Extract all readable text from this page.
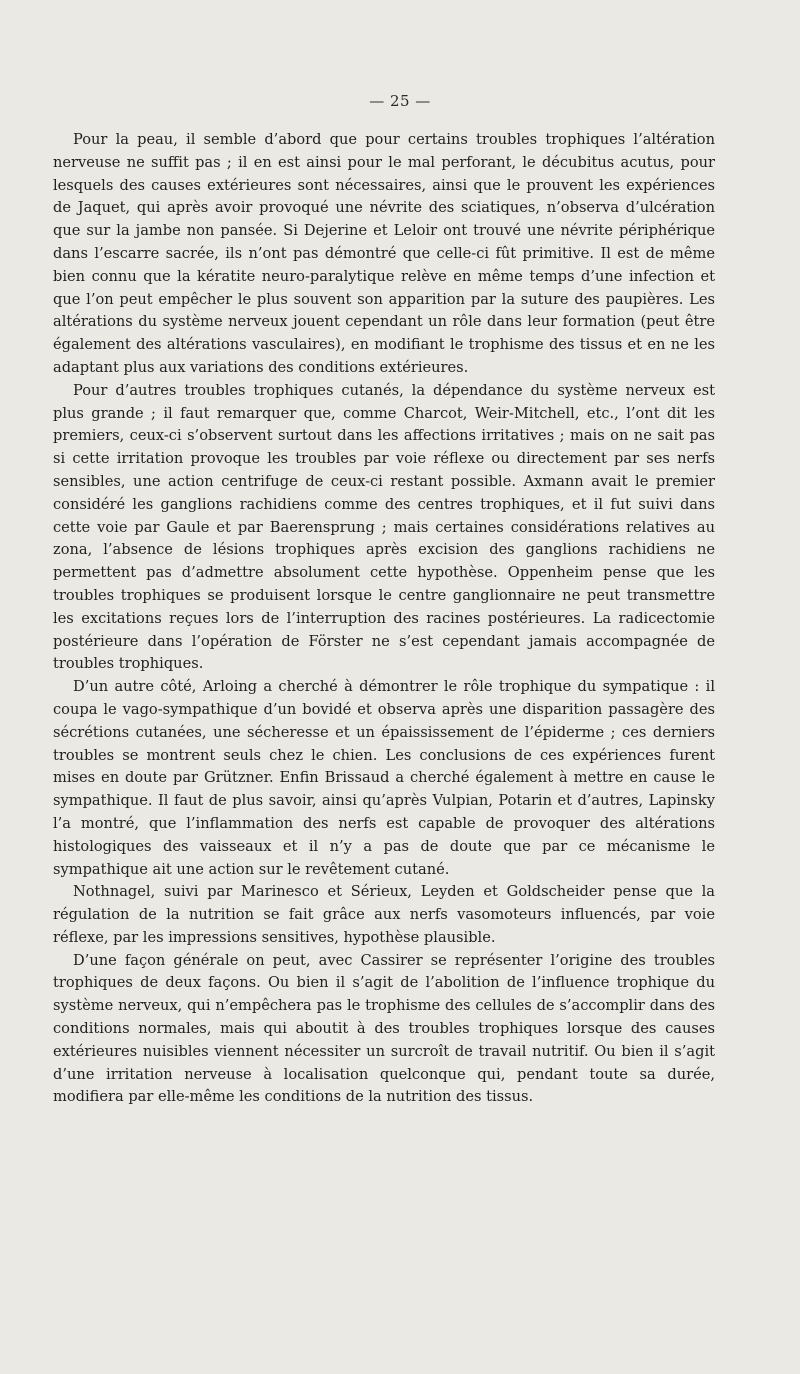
— 25 —

Pour la peau, il semble d’abord que pour certains troubles trophiques l’altération nerveuse ne suffit pas ; il en est ainsi pour le mal perforant, le décubitus acutus, pour lesquels des causes extérieures sont nécessaires, ainsi que le prouvent les expériences de Jaquet, qui après avoir provoqué une névrite des sciatiques, n’observa d’ulcération que sur la jambe non pansée. Si Dejerine et Leloir ont trouvé une névrite périphérique dans l’escarre sacrée, ils n’ont pas démontré que celle-ci fût primitive. Il est de même bien connu que la kératite neuro-paralytique relève en même temps d’une infection et que l’on peut empêcher le plus souvent son apparition par la suture des paupières. Les altérations du système nerveux jouent cependant un rôle dans leur formation (peut être également des altérations vasculaires), en modifiant le trophisme des tissus et en ne les adaptant plus aux variations des conditions extérieures.

Pour d’autres troubles trophiques cutanés, la dépendance du système nerveux est plus grande ; il faut remarquer que, comme Charcot, Weir-Mitchell, etc., l’ont dit les premiers, ceux-ci s’observent surtout dans les affections irritatives ; mais on ne sait pas si cette irritation provoque les troubles par voie réflexe ou directement par ses nerfs sensibles, une action centrifuge de ceux-ci restant possible. Axmann avait le premier considéré les ganglions rachidiens comme des centres trophiques, et il fut suivi dans cette voie par Gaule et par Baerensprung ; mais certaines considérations relatives au zona, l’absence de lésions trophiques après excision des ganglions rachidiens ne permettent pas d’admettre absolument cette hypothèse. Oppenheim pense que les troubles trophiques se produisent lorsque le centre ganglionnaire ne peut transmettre les excitations reçues lors de l’interruption des racines postérieures. La radicectomie postérieure dans l’opération de Förster ne s’est cependant jamais accompagnée de troubles trophiques.

D’un autre côté, Arloing a cherché à démontrer le rôle trophique du sympatique : il coupa le vago-sympathique d’un bovidé et observa après une disparition passagère des sécrétions cutanées, une sécheresse et un épaississement de l’épiderme ; ces derniers troubles se montrent seuls chez le chien. Les conclusions de ces expériences furent mises en doute par Grützner. Enfin Brissaud a cherché également à mettre en cause le sympathique. Il faut de plus savoir, ainsi qu’après Vulpian, Potarin et d’autres, Lapinsky l’a montré, que l’inflammation des nerfs est capable de provoquer des altérations histologiques des vaisseaux et il n’y a pas de doute que par ce mécanisme le sympathique ait une action sur le revêtement cutané.

Nothnagel, suivi par Marinesco et Sérieux, Leyden et Goldscheider pense que la régulation de la nutrition se fait grâce aux nerfs vasomoteurs influencés, par voie réflexe, par les impressions sensitives, hypothèse plausible.

D’une façon générale on peut, avec Cassirer se représenter l’origine des troubles trophiques de deux façons. Ou bien il s’agit de l’abolition de l’influence trophique du système nerveux, qui n’empêchera pas le trophisme des cellules de s’accomplir dans des conditions normales, mais qui aboutit à des troubles trophiques lorsque des causes extérieures nuisibles viennent nécessiter un surcroît de travail nutritif. Ou bien il s’agit d’une irritation nerveuse à localisation quelconque qui, pendant toute sa durée, modifiera par elle-même les conditions de la nutrition des tissus.
